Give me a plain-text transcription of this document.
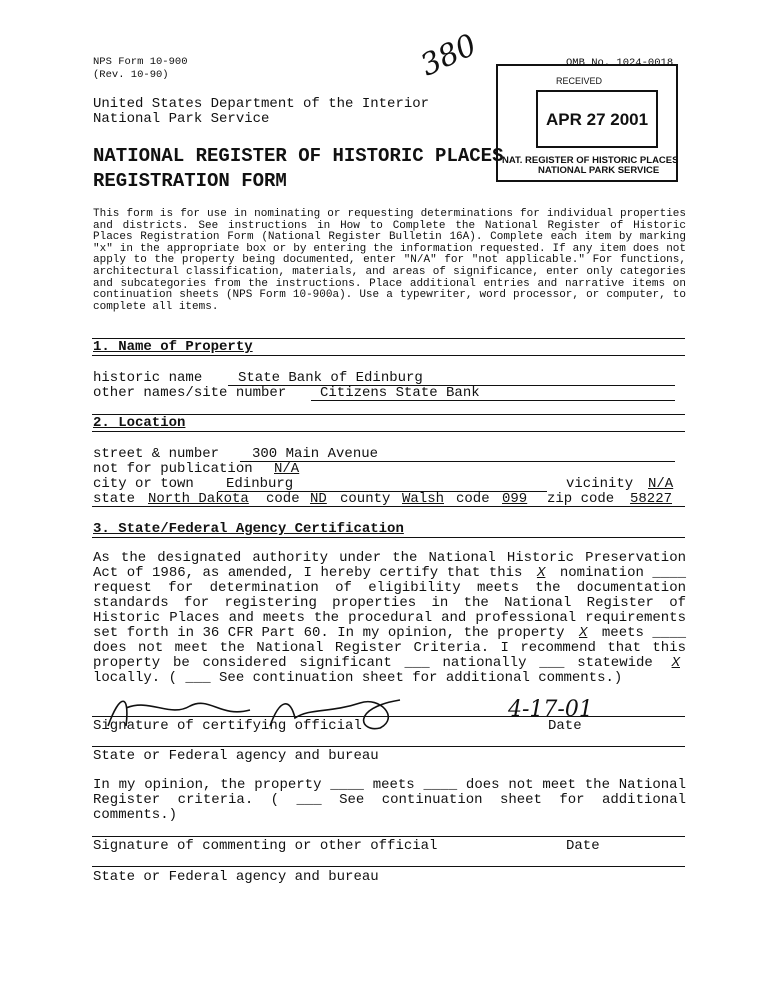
NPS Form 10-900
(Rev. 10-90)
OMB No. 1024-0018
380
United States Department of the Interior
National Park Service
NATIONAL REGISTER OF HISTORIC PLACES
REGISTRATION FORM
RECEIVED
APR 27 2001
NAT. REGISTER OF HISTORIC PLACES
NATIONAL PARK SERVICE
This form is for use in nominating or requesting determinations for individual properties and districts. See instructions in How to Complete the National Register of Historic Places Registration Form (National Register Bulletin 16A). Complete each item by marking "x" in the appropriate box or by entering the information requested. If any item does not apply to the property being documented, enter "N/A" for "not applicable." For functions, architectural classification, materials, and areas of significance, enter only categories and subcategories from the instructions. Place additional entries and narrative items on continuation sheets (NPS Form 10-900a). Use a typewriter, word processor, or computer, to complete all items.
1. Name of Property
historic name	State Bank of Edinburg
other names/site number Citizens State Bank
2. Location
street & number 300 Main Avenue
not for publication N/A
city or town Edinburg	vicinity N/A
state North Dakota code ND county Walsh code 099 zip code 58227
3. State/Federal Agency Certification
As the designated authority under the National Historic Preservation Act of 1986, as amended, I hereby certify that this X nomination ____ request for determination of eligibility meets the documentation standards for registering properties in the National Register of Historic Places and meets the procedural and professional requirements set forth in 36 CFR Part 60. In my opinion, the property X meets ____ does not meet the National Register Criteria. I recommend that this property be considered significant ___ nationally ___ statewide X locally. ( ___ See continuation sheet for additional comments.)
4-17-01
Signature of certifying official	Date
State or Federal agency and bureau
In my opinion, the property ____ meets ____ does not meet the National Register criteria. ( ___ See continuation sheet for additional comments.)
Signature of commenting or other official	Date
State or Federal agency and bureau
